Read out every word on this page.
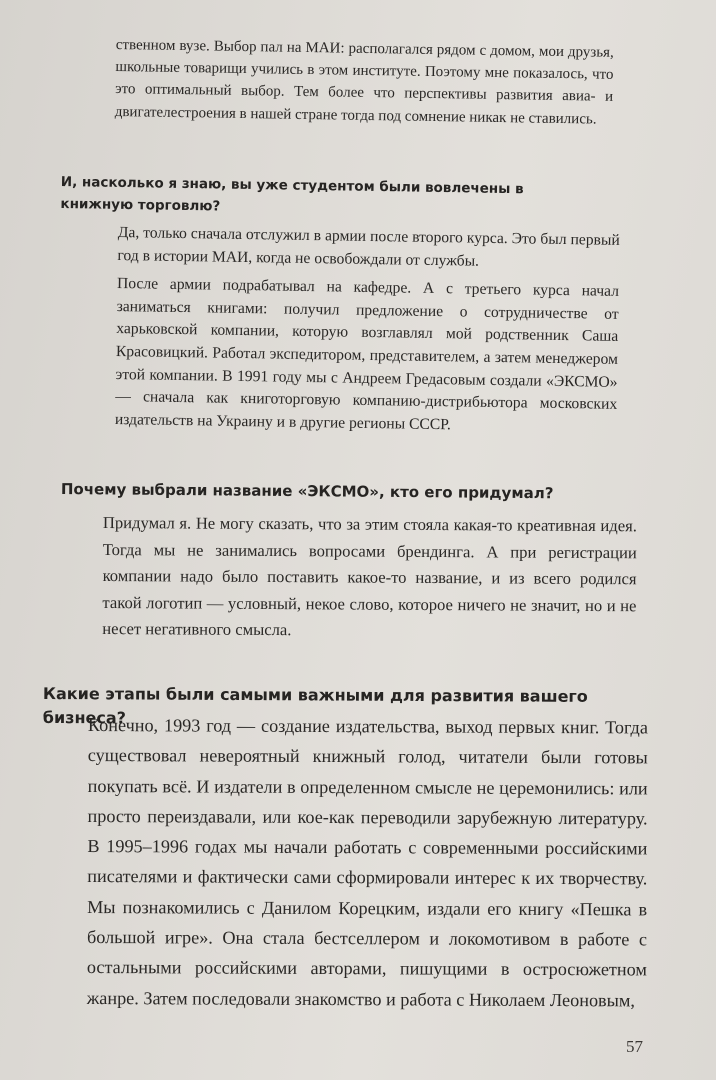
ственном вузе. Выбор пал на МАИ: располагался рядом с домом, мои друзья, школьные товарищи учились в этом институте. Поэтому мне показалось, что это оптимальный выбор. Тем более что перспективы развития авиа- и двигателестроения в нашей стране тогда под сомнение никак не ставились.

И, насколько я знаю, вы уже студентом были вовлечены в книжную торговлю?

Да, только сначала отслужил в армии после второго курса. Это был первый год в истории МАИ, когда не освобождали от службы.

После армии подрабатывал на кафедре. А с третьего курса начал заниматься книгами: получил предложение о сотрудничестве от харьковской компании, которую возглавлял мой родственник Саша Красовицкий. Работал экспедитором, представителем, а затем менеджером этой компании. В 1991 году мы с Андреем Гредасовым создали «ЭКСМО» — сначала как книготорговую компанию-дистрибьютора московских издательств на Украину и в другие регионы СССР.

Почему выбрали название «ЭКСМО», кто его придумал?

Придумал я. Не могу сказать, что за этим стояла какая-то креативная идея. Тогда мы не занимались вопросами брендинга. А при регистрации компании надо было поставить какое-то название, и из всего родился такой логотип — условный, некое слово, которое ничего не значит, но и не несет негативного смысла.

Какие этапы были самыми важными для развития вашего бизнеса?

Конечно, 1993 год — создание издательства, выход первых книг. Тогда существовал невероятный книжный голод, читатели были готовы покупать всё. И издатели в определенном смысле не церемонились: или просто переиздавали, или кое-как переводили зарубежную литературу. В 1995–1996 годах мы начали работать с современными российскими писателями и фактически сами сформировали интерес к их творчеству. Мы познакомились с Данилом Корецким, издали его книгу «Пешка в большой игре». Она стала бестселлером и локомотивом в работе с остальными российскими авторами, пишущими в остросюжетном жанре. Затем последовали знакомство и работа с Николаем Леоновым,

57
